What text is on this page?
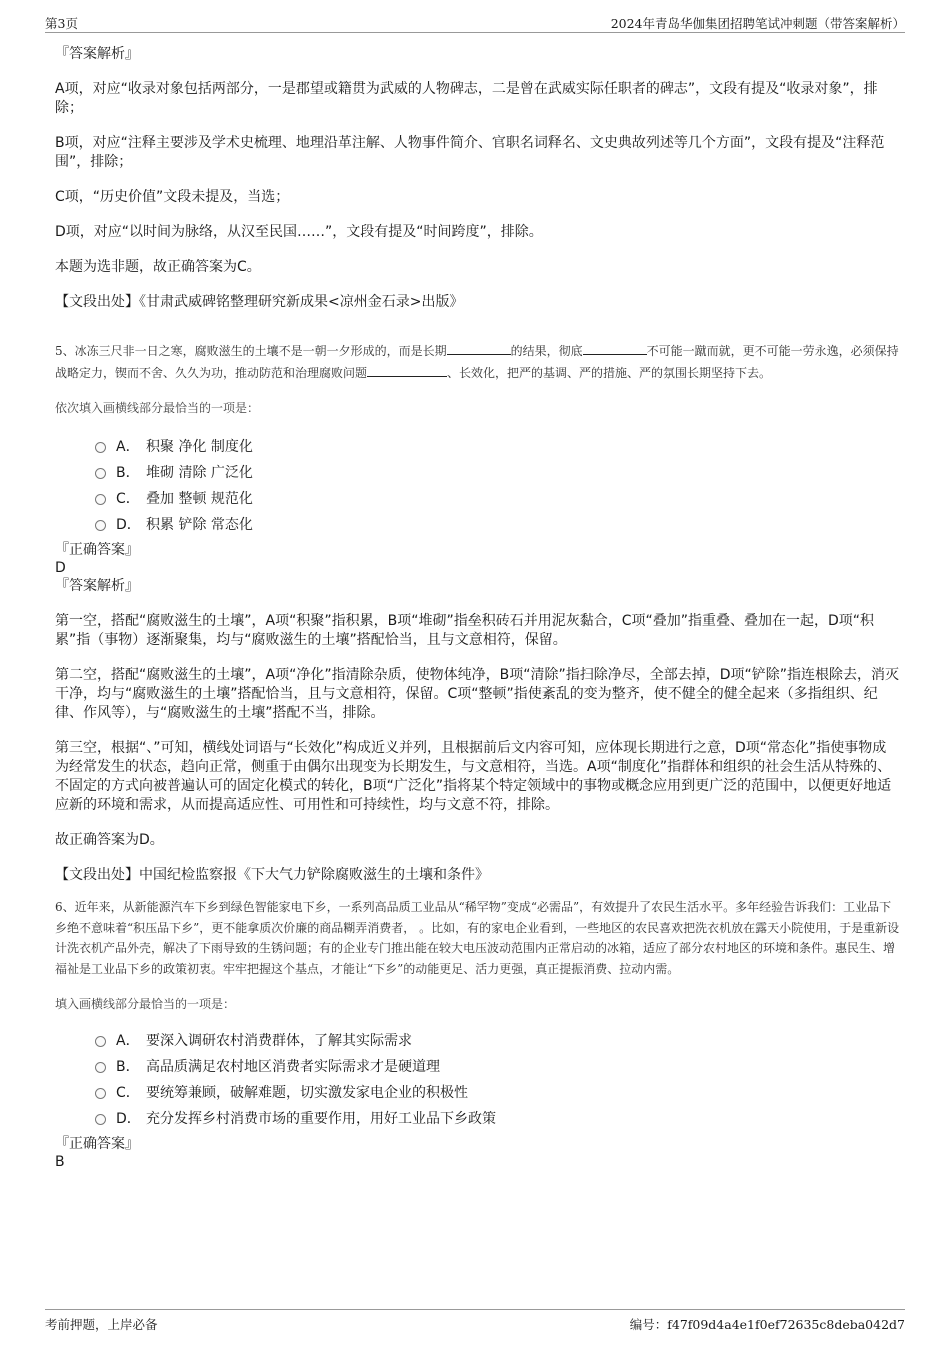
第3页	2024年青岛华伽集团招聘笔试冲刺题（带答案解析）

『答案解析』

A项，对应“收录对象包括两部分，一是郡望或籍贯为武威的人物碑志，二是曾在武威实际任职者的碑志”，文段有提及“收录对象”，排除；

B项，对应“注释主要涉及学术史梳理、地理沿革注解、人物事件简介、官职名词释名、文史典故列述等几个方面”，文段有提及“注释范围”，排除；

C项，“历史价值”文段未提及，当选；

D项，对应“以时间为脉络，从汉至民国……”，文段有提及“时间跨度”，排除。

本题为选非题，故正确答案为C。

【文段出处】《甘肃武威碑铭整理研究新成果<凉州金石录>出版》

5、冰冻三尺非一日之寒，腐败滋生的土壤不是一朝一夕形成的，而是长期	的结果，彻底	不可能一蹴而就，更不可能一劳永逸，必须保持战略定力，锲而不舍、久久为功，推动防范和治理腐败问题	、长效化，把严的基调、严的措施、严的氛围长期坚持下去。

依次填入画横线部分最恰当的一项是：

A． 积聚 净化 制度化
B． 堆砌 清除 广泛化
C． 叠加 整顿 规范化
D． 积累 铲除 常态化

『正确答案』

D

『答案解析』

第一空，搭配“腐败滋生的土壤”，A项“积聚”指积累，B项“堆砌”指垒积砖石并用泥灰黏合，C项“叠加”指重叠、叠加在一起，D项“积累”指（事物）逐渐聚集，均与“腐败滋生的土壤”搭配恰当，且与文意相符，保留。

第二空，搭配“腐败滋生的土壤”，A项“净化”指清除杂质，使物体纯净，B项“清除”指扫除净尽，全部去掉，D项“铲除”指连根除去，消灭干净，均与“腐败滋生的土壤”搭配恰当，且与文意相符，保留。C项“整顿”指使紊乱的变为整齐，使不健全的健全起来（多指组织、纪律、作风等），与“腐败滋生的土壤”搭配不当，排除。

第三空，根据“、”可知，横线处词语与“长效化”构成近义并列，且根据前后文内容可知，应体现长期进行之意，D项“常态化”指使事物成为经常发生的状态，趋向正常，侧重于由偶尔出现变为长期发生，与文意相符，当选。A项“制度化”指群体和组织的社会生活从特殊的、不固定的方式向被普遍认可的固定化模式的转化，B项“广泛化”指将某个特定领域中的事物或概念应用到更广泛的范围中，以便更好地适应新的环境和需求，从而提高适应性、可用性和可持续性，均与文意不符，排除。

故正确答案为D。

【文段出处】中国纪检监察报《下大气力铲除腐败滋生的土壤和条件》

6、近年来，从新能源汽车下乡到绿色智能家电下乡，一系列高品质工业品从“稀罕物”变成“必需品”，有效提升了农民生活水平。多年经验告诉我们：工业品下乡绝不意味着“积压品下乡”，更不能拿质次价廉的商品糊弄消费者， 。比如，有的家电企业看到，一些地区的农民喜欢把洗衣机放在露天小院使用，于是重新设计洗衣机产品外壳，解决了下雨导致的生锈问题；有的企业专门推出能在较大电压波动范围内正常启动的冰箱，适应了部分农村地区的环境和条件。惠民生、增福祉是工业品下乡的政策初衷。牢牢把握这个基点，才能让“下乡”的动能更足、活力更强，真正提振消费、拉动内需。

填入画横线部分最恰当的一项是：

A． 要深入调研农村消费群体，了解其实际需求
B． 高品质满足农村地区消费者实际需求才是硬道理
C． 要统筹兼顾，破解难题，切实激发家电企业的积极性
D． 充分发挥乡村消费市场的重要作用，用好工业品下乡政策

『正确答案』

B

考前押题，上岸必备	编号：f47f09d4a4e1f0ef72635c8deba042d7
